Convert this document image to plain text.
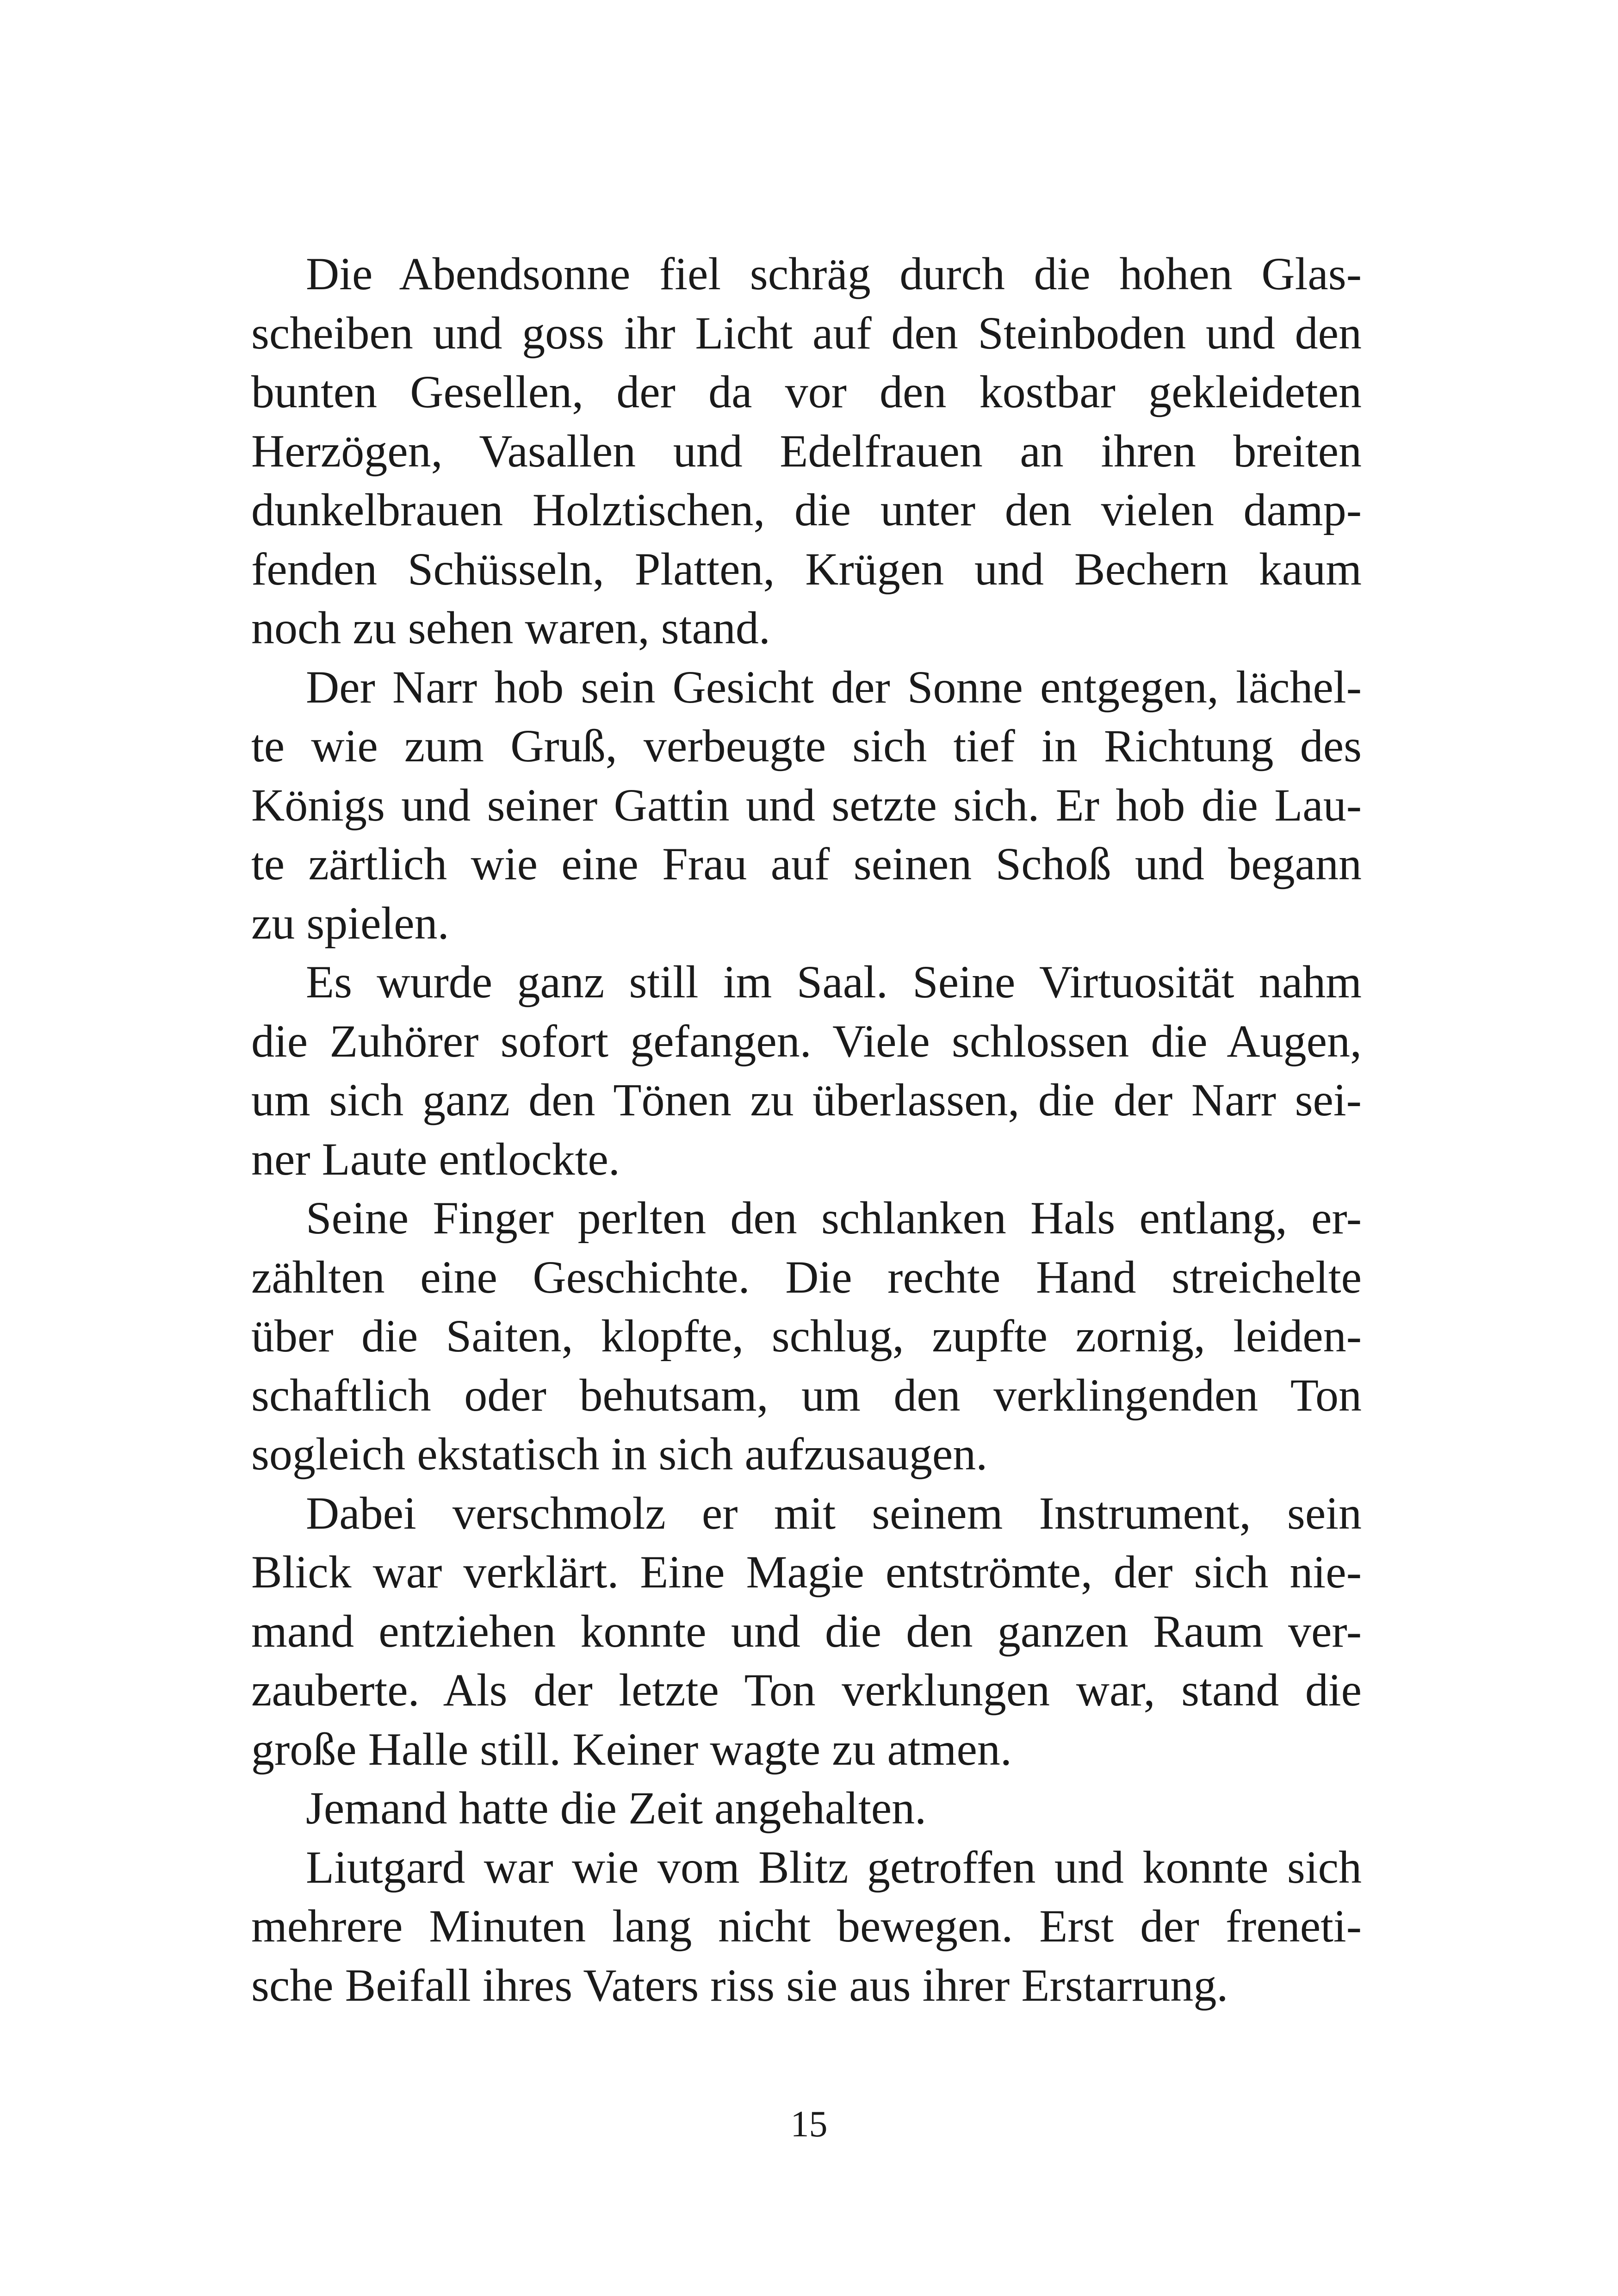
Die Abendsonne fiel schräg durch die hohen Glas-
scheiben und goss ihr Licht auf den Steinboden und den
bunten Gesellen, der da vor den kostbar gekleideten
Herzögen, Vasallen und Edelfrauen an ihren breiten
dunkelbrauen Holztischen, die unter den vielen damp-
fenden Schüsseln, Platten, Krügen und Bechern kaum
noch zu sehen waren, stand.
Der Narr hob sein Gesicht der Sonne entgegen, lächel-
te wie zum Gruß, verbeugte sich tief in Richtung des
Königs und seiner Gattin und setzte sich. Er hob die Lau-
te zärtlich wie eine Frau auf seinen Schoß und begann
zu spielen.
Es wurde ganz still im Saal. Seine Virtuosität nahm
die Zuhörer sofort gefangen. Viele schlossen die Augen,
um sich ganz den Tönen zu überlassen, die der Narr sei-
ner Laute entlockte.
Seine Finger perlten den schlanken Hals entlang, er-
zählten eine Geschichte. Die rechte Hand streichelte
über die Saiten, klopfte, schlug, zupfte zornig, leiden-
schaftlich oder behutsam, um den verklingenden Ton
sogleich ekstatisch in sich aufzusaugen.
Dabei verschmolz er mit seinem Instrument, sein
Blick war verklärt. Eine Magie entströmte, der sich nie-
mand entziehen konnte und die den ganzen Raum ver-
zauberte. Als der letzte Ton verklungen war, stand die
große Halle still. Keiner wagte zu atmen.
Jemand hatte die Zeit angehalten.
Liutgard war wie vom Blitz getroffen und konnte sich
mehrere Minuten lang nicht bewegen. Erst der freneti-
sche Beifall ihres Vaters riss sie aus ihrer Erstarrung.
15
